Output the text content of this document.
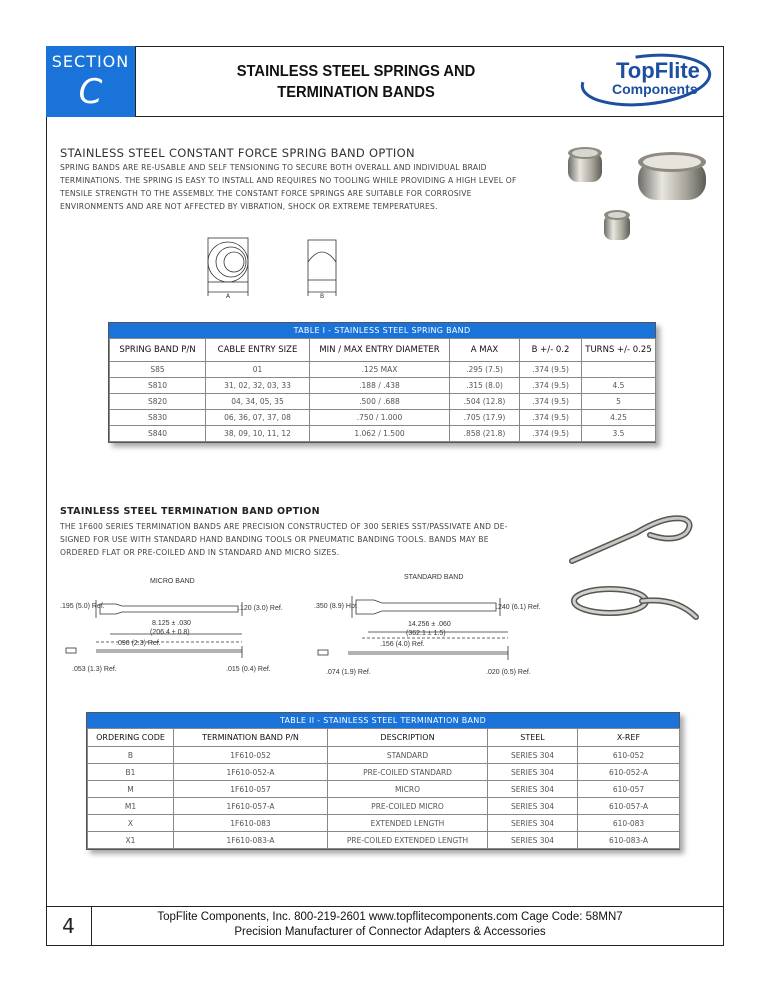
SECTION
C
STAINLESS STEEL SPRINGS AND
TERMINATION BANDS
TopFlite
Components
STAINLESS STEEL CONSTANT FORCE SPRING BAND OPTION
SPRING BANDS ARE RE-USABLE AND SELF TENSIONING TO SECURE BOTH OVERALL AND INDIVIDUAL BRAID TERMINATIONS. THE SPRING IS EASY TO INSTALL AND REQUIRES NO TOOLING WHILE PROVIDING A HIGH LEVEL OF TENSILE STRENGTH TO THE ASSEMBLY. THE CONSTANT FORCE SPRINGS ARE SUITABLE FOR CORROSIVE ENVIRONMENTS AND ARE NOT AFFECTED BY VIBRATION, SHOCK OR EXTREME TEMPERATURES.
A	B
TABLE I - STAINLESS STEEL SPRING BAND
SPRING BAND P/N	CABLE ENTRY SIZE	MIN / MAX ENTRY DIAMETER	A MAX	B +/- 0.2	TURNS +/- 0.25
S85	01	.125 MAX	.295 (7.5)	.374 (9.5)	
S810	31, 02, 32, 03, 33	.188 / .438	.315 (8.0)	.374 (9.5)	4.5
S820	04, 34, 05, 35	.500 / .688	.504 (12.8)	.374 (9.5)	5
S830	06, 36, 07, 37, 08	.750 / 1.000	.705 (17.9)	.374 (9.5)	4.25
S840	38, 09, 10, 11, 12	1.062 / 1.500	.858 (21.8)	.374 (9.5)	3.5
STAINLESS STEEL TERMINATION BAND OPTION
THE 1F600 SERIES TERMINATION BANDS ARE PRECISION CONSTRUCTED OF 300 SERIES SST/PASSIVATE AND DE-SIGNED FOR USE WITH STANDARD HAND BANDING TOOLS OR PNEUMATIC BANDING TOOLS. BANDS MAY BE ORDERED FLAT OR PRE-COILED AND IN STANDARD AND MICRO SIZES.
MICRO BAND
.195 (5.0) Ref.	.120 (3.0) Ref.
8.125 ± .030
(206.4 ± 0.8)
.090 (2.3) Ref.
.053 (1.3) Ref.	.015 (0.4) Ref.
STANDARD BAND
.350 (8.9) Hpt	.240 (6.1) Ref.
14.256 ± .060
(362.1 ± 1.5)
.156 (4.0) Ref.
.074 (1.9) Ref.	.020 (0.5) Ref.
TABLE II - STAINLESS STEEL TERMINATION BAND
ORDERING CODE	TERMINATION BAND P/N	DESCRIPTION	STEEL	X-REF
B	1F610-052	STANDARD	SERIES 304	610-052
B1	1F610-052-A	PRE-COILED STANDARD	SERIES 304	610-052-A
M	1F610-057	MICRO	SERIES 304	610-057
M1	1F610-057-A	PRE-COILED MICRO	SERIES 304	610-057-A
X	1F610-083	EXTENDED LENGTH	SERIES 304	610-083
X1	1F610-083-A	PRE-COILED EXTENDED LENGTH	SERIES 304	610-083-A
4	TopFlite Components, Inc. 800-219-2601 www.topflitecomponents.com Cage Code: 58MN7
Precision Manufacturer of Connector Adapters & Accessories
